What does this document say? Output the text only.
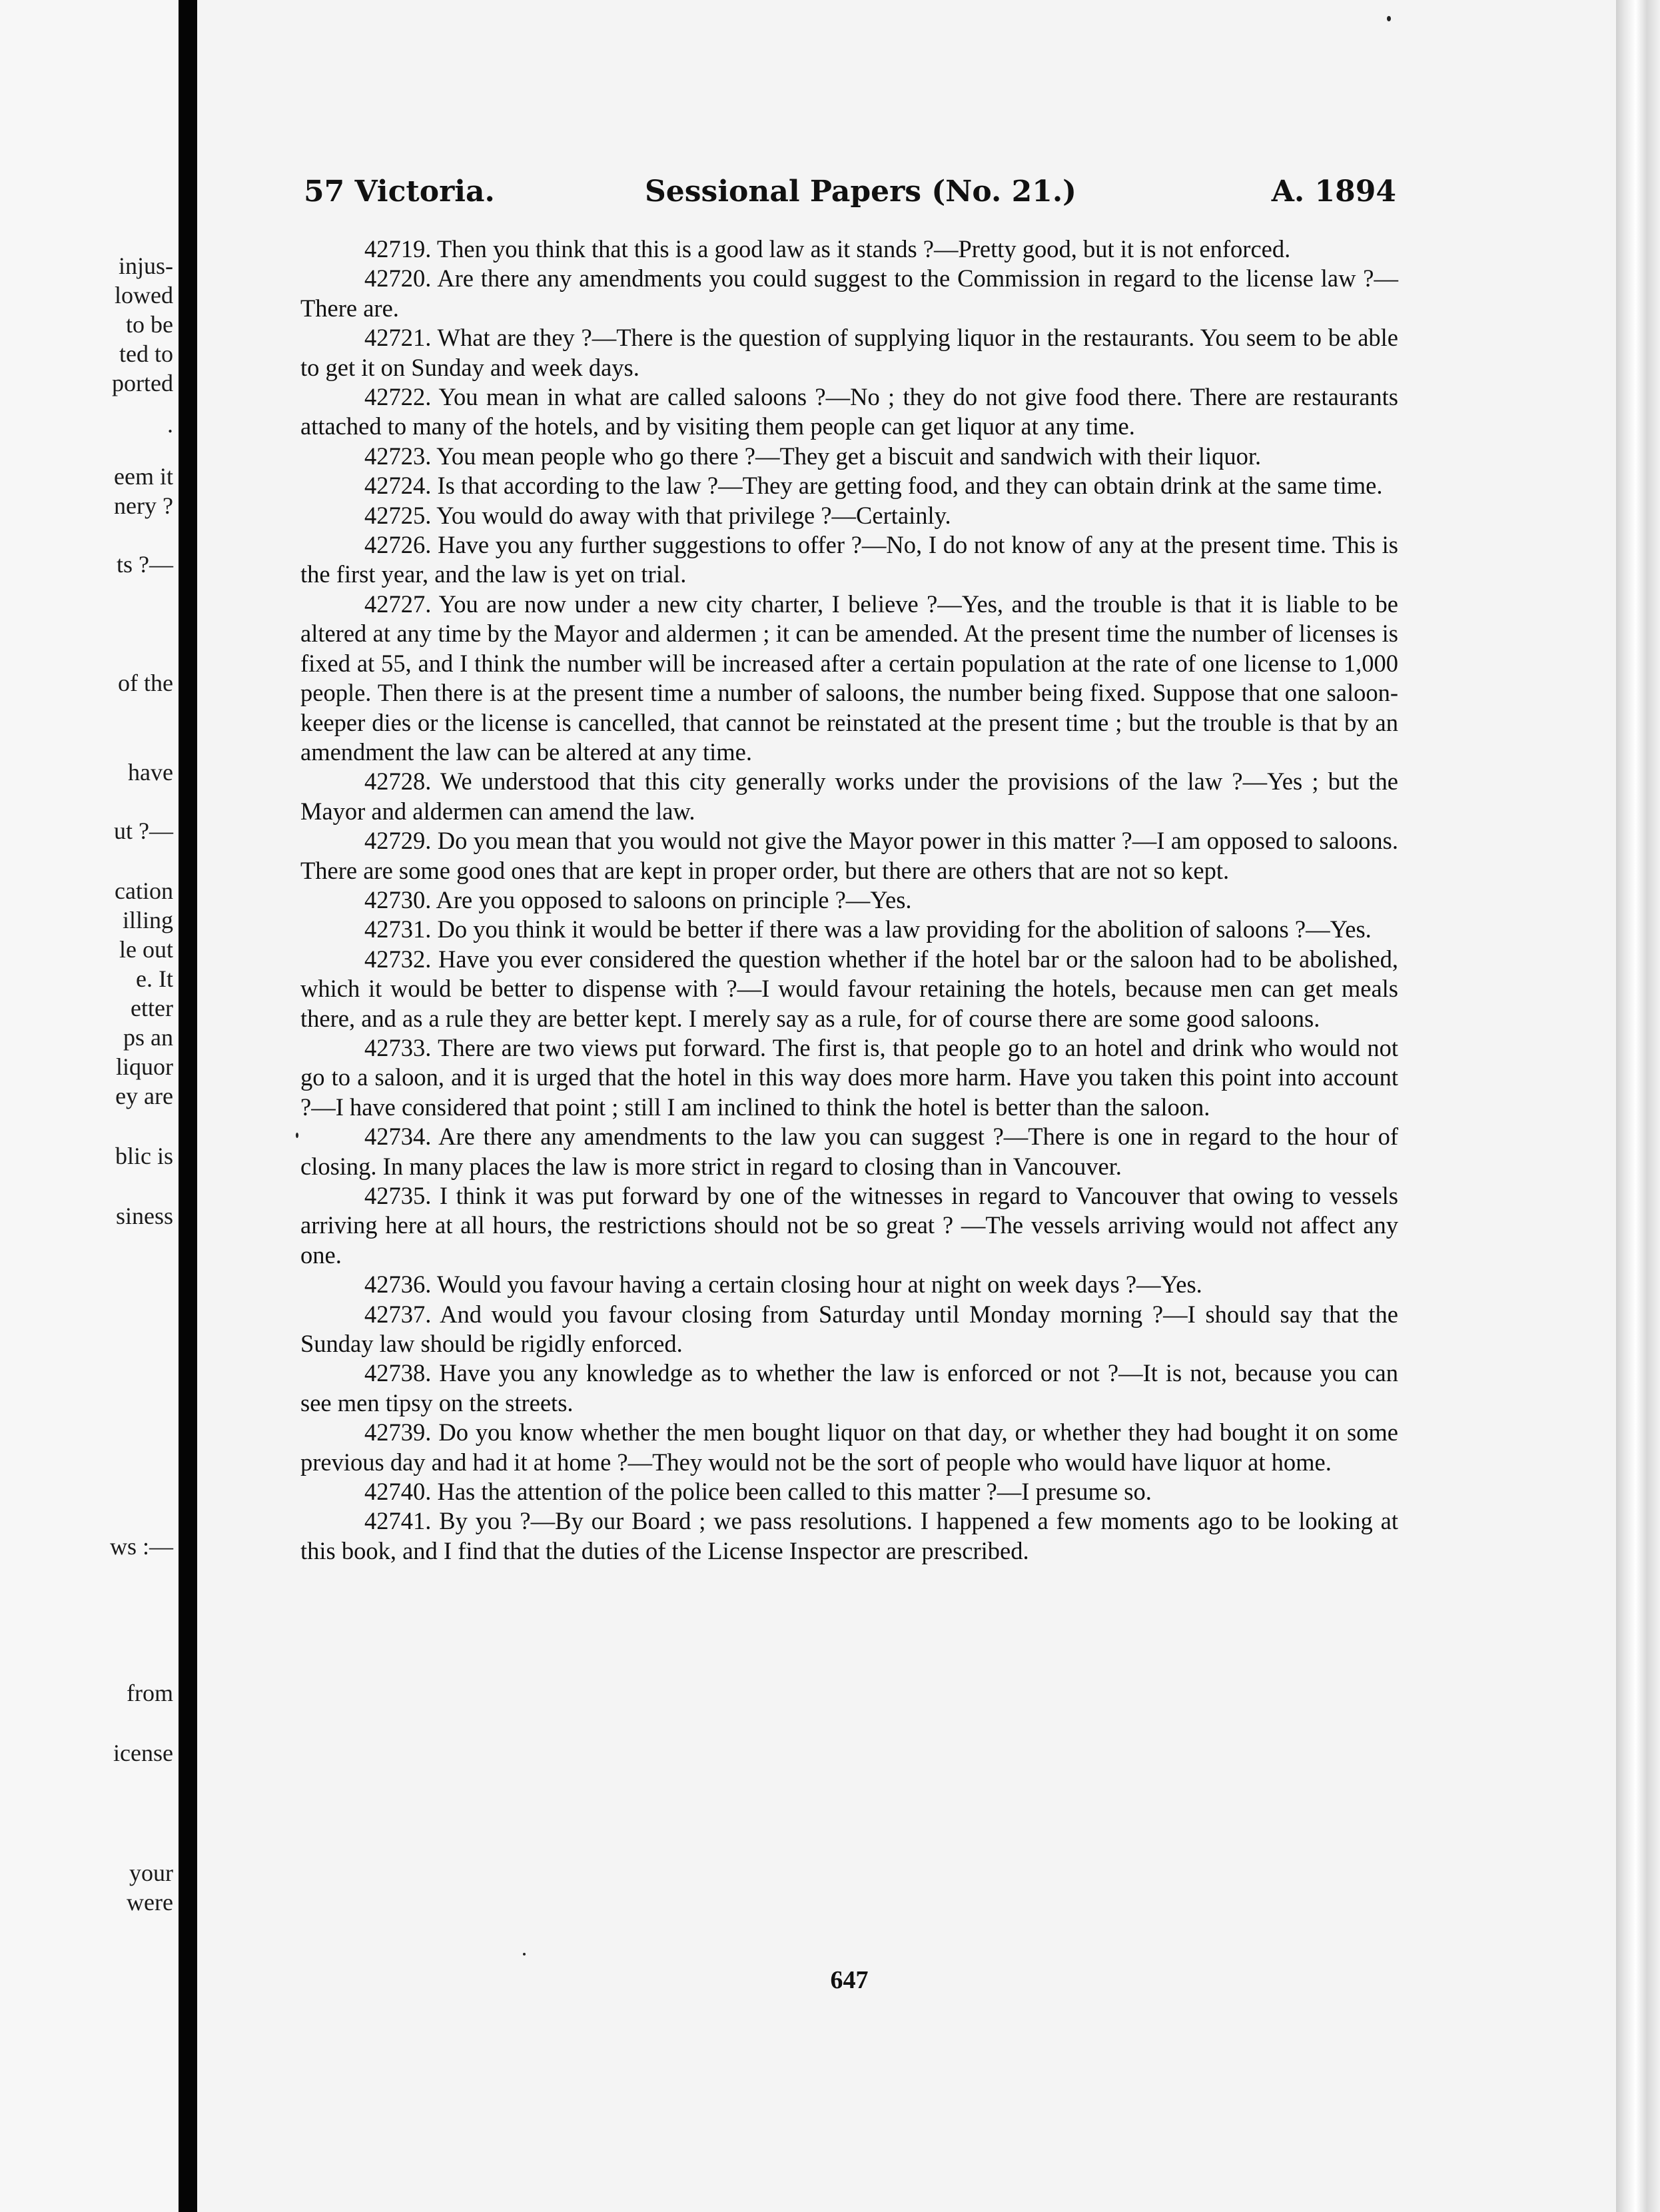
injus-

lowed

to be

ted to

ported

.

eem it

nery ?

ts ?—

of the

have

ut ?—

cation

illing

le out

e. It

etter

ps an

liquor

ey are

blic is

siness

ws :—

from

icense

your

were

57 Victoria.	Sessional Papers (No. 21.)	A. 1894

42719. Then you think that this is a good law as it stands ?—Pretty good, but it is not enforced.

42720. Are there any amendments you could suggest to the Commission in regard to the license law ?—There are.

42721. What are they ?—There is the question of supplying liquor in the restaurants. You seem to be able to get it on Sunday and week days.

42722. You mean in what are called saloons ?—No ; they do not give food there. There are restaurants attached to many of the hotels, and by visiting them people can get liquor at any time.

42723. You mean people who go there ?—They get a biscuit and sandwich with their liquor.

42724. Is that according to the law ?—They are getting food, and they can obtain drink at the same time.

42725. You would do away with that privilege ?—Certainly.

42726. Have you any further suggestions to offer ?—No, I do not know of any at the present time. This is the first year, and the law is yet on trial.

42727. You are now under a new city charter, I believe ?—Yes, and the trouble is that it is liable to be altered at any time by the Mayor and aldermen ; it can be amended. At the present time the number of licenses is fixed at 55, and I think the number will be increased after a certain population at the rate of one license to 1,000 people. Then there is at the present time a number of saloons, the number being fixed. Suppose that one saloon-keeper dies or the license is cancelled, that cannot be reinstated at the present time ; but the trouble is that by an amendment the law can be altered at any time.

42728. We understood that this city generally works under the provisions of the law ?—Yes ; but the Mayor and aldermen can amend the law.

42729. Do you mean that you would not give the Mayor power in this matter ?—I am opposed to saloons. There are some good ones that are kept in proper order, but there are others that are not so kept.

42730. Are you opposed to saloons on principle ?—Yes.

42731. Do you think it would be better if there was a law providing for the abolition of saloons ?—Yes.

42732. Have you ever considered the question whether if the hotel bar or the saloon had to be abolished, which it would be better to dispense with ?—I would favour retaining the hotels, because men can get meals there, and as a rule they are better kept. I merely say as a rule, for of course there are some good saloons.

42733. There are two views put forward. The first is, that people go to an hotel and drink who would not go to a saloon, and it is urged that the hotel in this way does more harm. Have you taken this point into account ?—I have considered that point ; still I am inclined to think the hotel is better than the saloon.

42734. Are there any amendments to the law you can suggest ?—There is one in regard to the hour of closing. In many places the law is more strict in regard to closing than in Vancouver.

42735. I think it was put forward by one of the witnesses in regard to Vancouver that owing to vessels arriving here at all hours, the restrictions should not be so great ? —The vessels arriving would not affect any one.

42736. Would you favour having a certain closing hour at night on week days ?—Yes.

42737. And would you favour closing from Saturday until Monday morning ?—I should say that the Sunday law should be rigidly enforced.

42738. Have you any knowledge as to whether the law is enforced or not ?—It is not, because you can see men tipsy on the streets.

42739. Do you know whether the men bought liquor on that day, or whether they had bought it on some previous day and had it at home ?—They would not be the sort of people who would have liquor at home.

42740. Has the attention of the police been called to this matter ?—I presume so.

42741. By you ?—By our Board ; we pass resolutions. I happened a few moments ago to be looking at this book, and I find that the duties of the License Inspector are prescribed.

647
